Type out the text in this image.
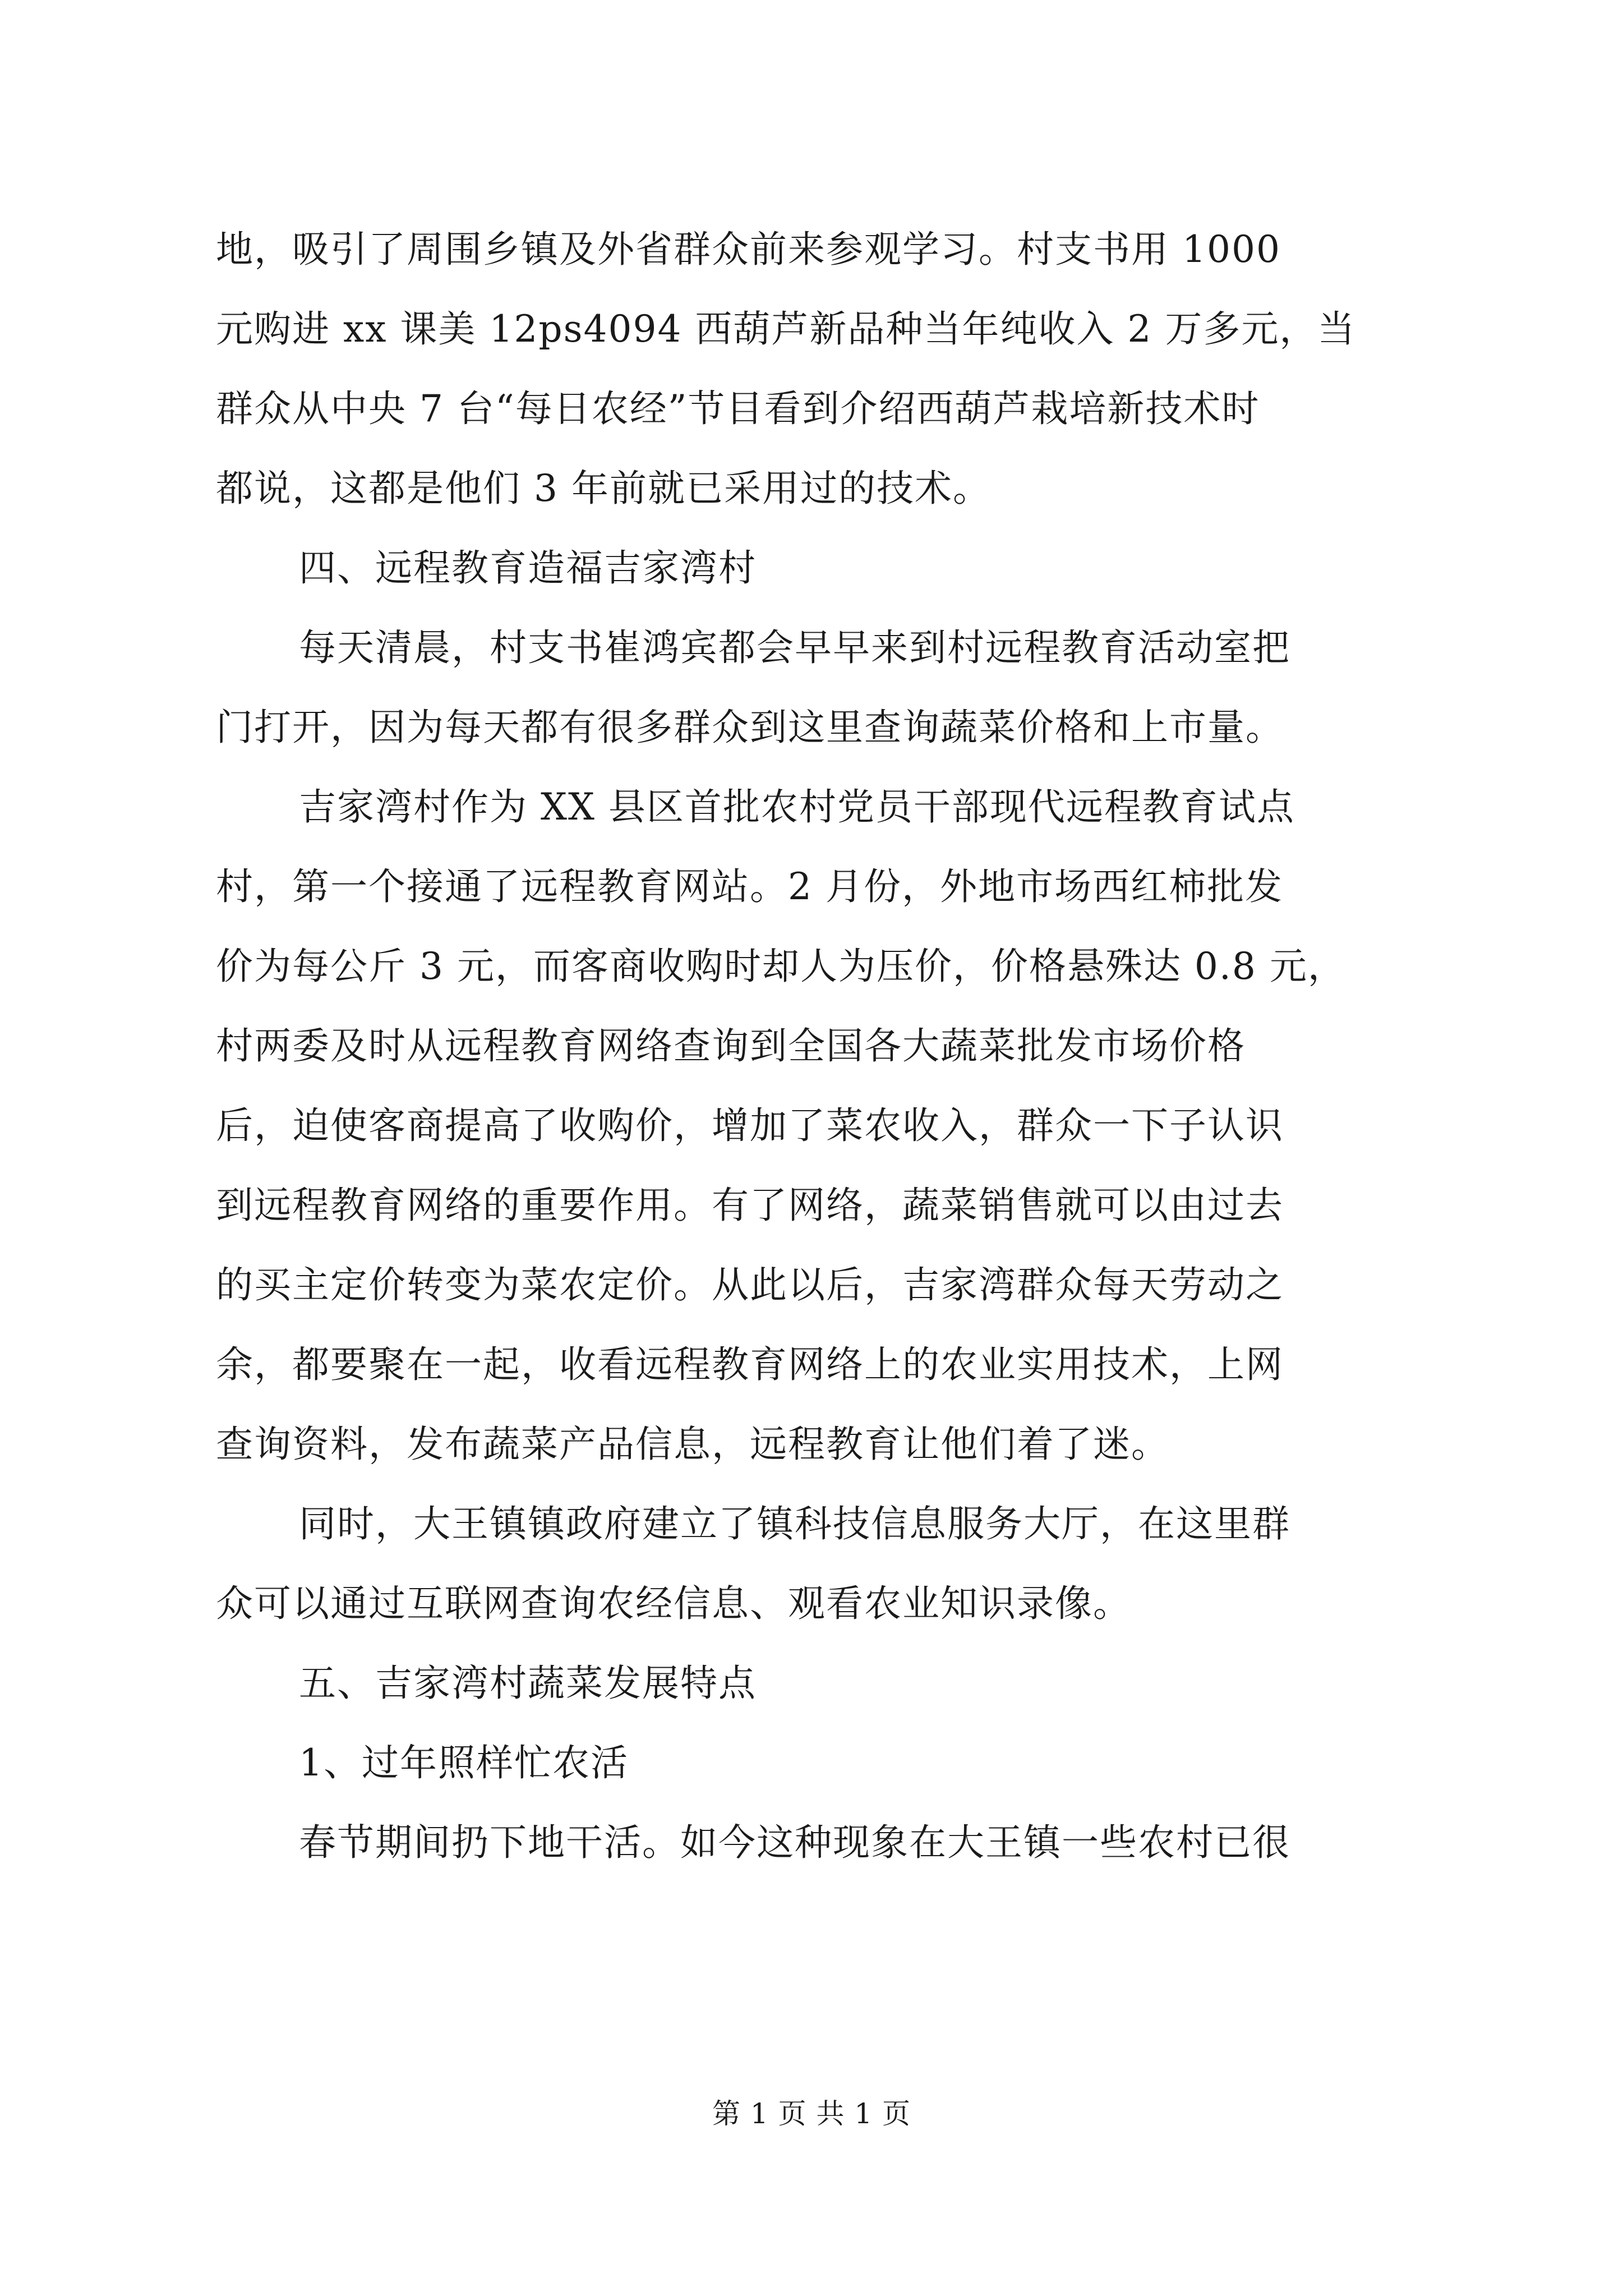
地，吸引了周围乡镇及外省群众前来参观学习。村支书用 1000
元购进 xx 课美 12ps4094 西葫芦新品种当年纯收入 2 万多元，当
群众从中央 7 台“每日农经”节目看到介绍西葫芦栽培新技术时
都说，这都是他们 3 年前就已采用过的技术。
四、远程教育造福吉家湾村
每天清晨，村支书崔鸿宾都会早早来到村远程教育活动室把
门打开，因为每天都有很多群众到这里查询蔬菜价格和上市量。
吉家湾村作为 XX 县区首批农村党员干部现代远程教育试点
村，第一个接通了远程教育网站。2 月份，外地市场西红柿批发
价为每公斤 3 元，而客商收购时却人为压价，价格悬殊达 0.8 元，
村两委及时从远程教育网络查询到全国各大蔬菜批发市场价格
后，迫使客商提高了收购价，增加了菜农收入，群众一下子认识
到远程教育网络的重要作用。有了网络，蔬菜销售就可以由过去
的买主定价转变为菜农定价。从此以后，吉家湾群众每天劳动之
余，都要聚在一起，收看远程教育网络上的农业实用技术，上网
查询资料，发布蔬菜产品信息，远程教育让他们着了迷。
同时，大王镇镇政府建立了镇科技信息服务大厅，在这里群
众可以通过互联网查询农经信息、观看农业知识录像。
五、吉家湾村蔬菜发展特点
1、过年照样忙农活
春节期间扔下地干活。如今这种现象在大王镇一些农村已很
第 1 页 共 1 页
